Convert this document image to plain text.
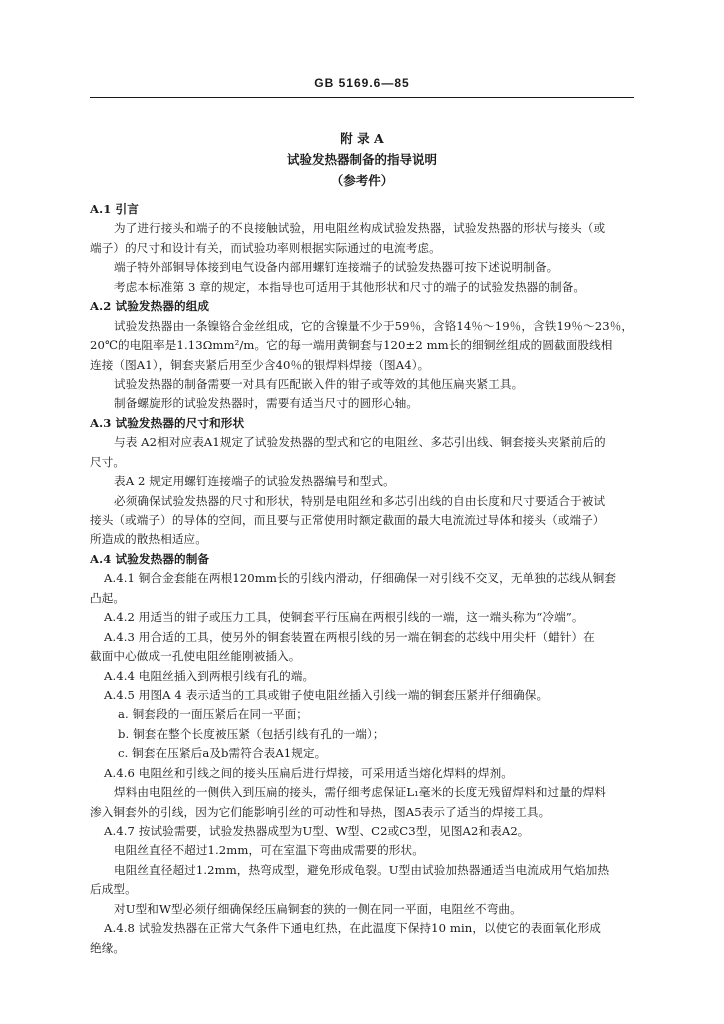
GB 5169.6—85
附 录 A
试验发热器制备的指导说明
（参考件）
A.1 引言
为了进行接头和端子的不良接触试验，用电阻丝构成试验发热器，试验发热器的形状与接头（或
端子）的尺寸和设计有关，而试验功率则根据实际通过的电流考虑。
端子特外部铜导体接到电气设备内部用螺钉连接端子的试验发热器可按下述说明制备。
考虑本标准第 3 章的规定，本指导也可适用于其他形状和尺寸的端子的试验发热器的制备。
A.2 试验发热器的组成
试验发热器由一条镍铬合金丝组成，它的含镍量不少于59％，含铬14％～19％，含铁19％～23％，
20℃的电阻率是1.13Ωmm²/m。它的每一端用黄铜套与120±2 mm长的细铜丝组成的圆截面股线相
连接（图A1），铜套夹紧后用至少含40％的银焊料焊接（图A4）。
试验发热器的制备需要一对具有匹配嵌入件的钳子或等效的其他压扁夹紧工具。
制备螺旋形的试验发热器时，需要有适当尺寸的圆形心轴。
A.3 试验发热器的尺寸和形状
与表 A2相对应表A1规定了试验发热器的型式和它的电阻丝、多芯引出线、铜套接头夹紧前后的
尺寸。
表A 2 规定用螺钉连接端子的试验发热器编号和型式。
必须确保试验发热器的尺寸和形状，特别是电阻丝和多芯引出线的自由长度和尺寸要适合于被试
接头（或端子）的导体的空间，而且要与正常使用时额定截面的最大电流流过导体和接头（或端子）
所造成的散热相适应。
A.4 试验发热器的制备
A.4.1 铜合金套能在两根120mm长的引线内滑动，仔细确保一对引线不交叉，无单独的芯线从铜套
凸起。
A.4.2 用适当的钳子或压力工具，使铜套平行压扁在两根引线的一端，这一端头称为“冷端”。
A.4.3 用合适的工具，使另外的铜套装置在两根引线的另一端在铜套的芯线中用尖杆（蜡针）在
截面中心做成一孔使电阻丝能刚被插入。
A.4.4 电阻丝插入到两根引线有孔的端。
A.4.5 用图A 4 表示适当的工具或钳子使电阻丝插入引线一端的铜套压紧并仔细确保。
a. 铜套段的一面压紧后在同一平面；
b. 铜套在整个长度被压紧（包括引线有孔的一端）；
c. 铜套在压紧后a及b需符合表A1规定。
A.4.6 电阻丝和引线之间的接头压扁后进行焊接，可采用适当熔化焊料的焊剂。
焊料由电阻丝的一侧供入到压扁的接头，需仔细考虑保证L₁毫米的长度无残留焊料和过量的焊料
渗入铜套外的引线，因为它们能影响引丝的可动性和导热，图A5表示了适当的焊接工具。
A.4.7 按试验需要，试验发热器成型为U型、W型、C2或C3型，见图A2和表A2。
电阻丝直径不超过1.2mm，可在室温下弯曲成需要的形状。
电阻丝直径超过1.2mm，热弯成型，避免形成龟裂。U型由试验加热器通适当电流成用气焰加热
后成型。
对U型和W型必须仔细确保经压扁铜套的狭的一侧在同一平面，电阻丝不弯曲。
A.4.8 试验发热器在正常大气条件下通电红热，在此温度下保持10 min，以使它的表面氧化形成
绝缘。
